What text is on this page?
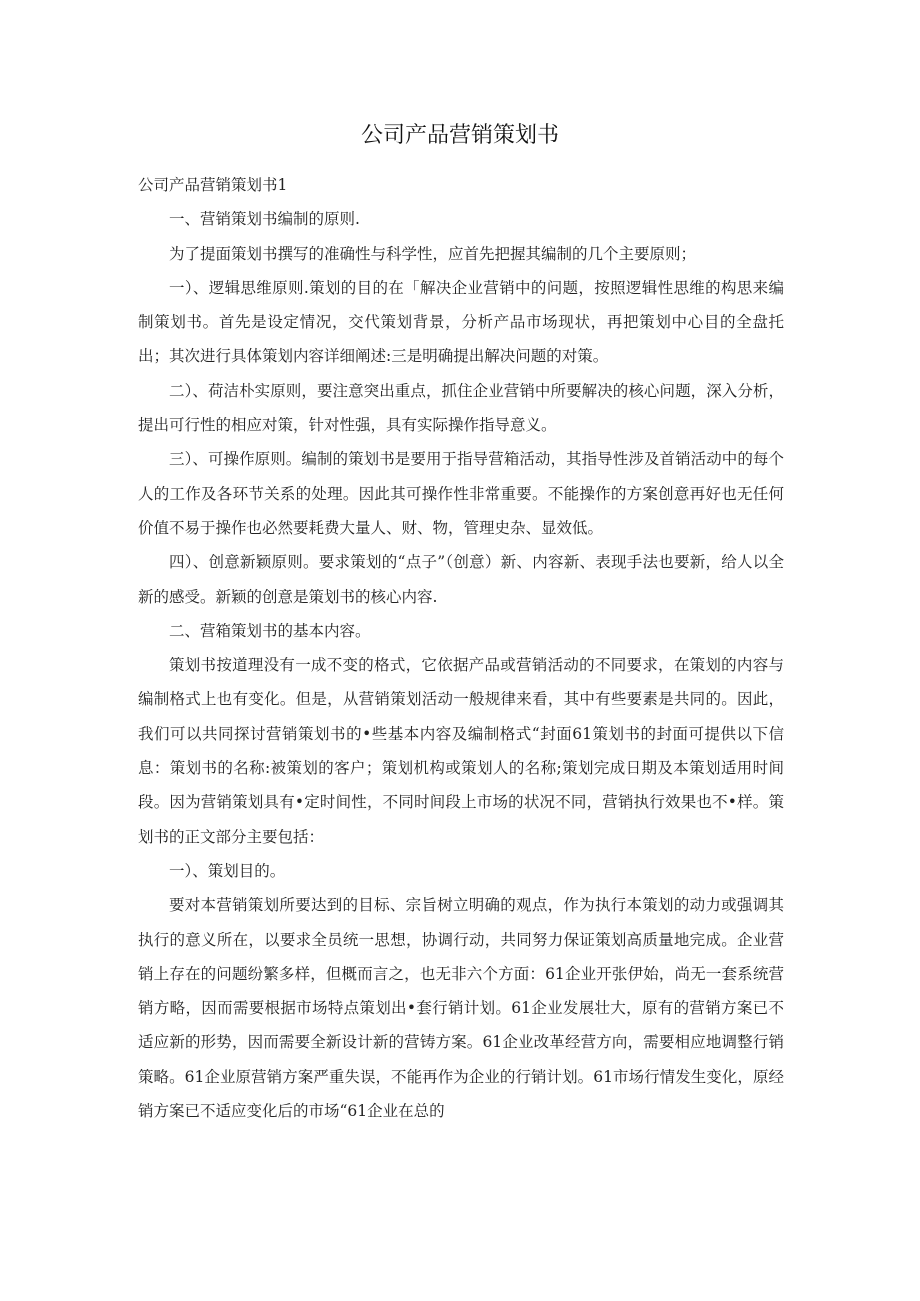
公司产品营销策划书

公司产品营销策划书1

一、营销策划书编制的原则.

为了提面策划书撰写的准确性与科学性，应首先把握其编制的几个主要原则；

一）、逻辑思维原则.策划的目的在「解决企业营销中的问题，按照逻辑性思维的构思来编制策划书。首先是设定情况，交代策划背景，分析产品市场现状，再把策划中心目的全盘托出；其次进行具体策划内容详细阐述:三是明确提出解决问题的对策。

二）、荷洁朴实原则，要注意突出重点，抓住企业营销中所要解决的核心问题，深入分析，提出可行性的相应对策，针对性强，具有实际操作指导意义。

三）、可操作原则。编制的策划书是要用于指导营箱活动，其指导性涉及首销活动中的每个人的工作及各环节关系的处理。因此其可操作性非常重要。不能操作的方案创意再好也无任何价值不易于操作也必然要耗费大量人、财、物，管理史杂、显效低。

四）、创意新颖原则。要求策划的“点子”（创意）新、内容新、表现手法也要新，给人以全新的感受。新颖的创意是策划书的核心内容.

二、营箱策划书的基本内容。

策划书按道理没有一成不变的格式，它依据产品或营销活动的不同要求，在策划的内容与编制格式上也有变化。但是，从营销策划活动一般规律来看，其中有些要素是共同的。因此，我们可以共同探讨营销策划书的•些基本内容及编制格式“封面61策划书的封面可提供以下信息：策划书的名称:被策划的客户；策划机构或策划人的名称;策划完成日期及本策划适用时间段。因为营销策划具有•定时间性，不同时间段上市场的状况不同，营销执行效果也不•样。策划书的正文部分主要包括：

一）、策划目的。

要对本营销策划所要达到的目标、宗旨树立明确的观点，作为执行本策划的动力或强调其执行的意义所在，以要求全员统一思想，协调行动，共同努力保证策划高质量地完成。企业营销上存在的问题纷繁多样，但概而言之，也无非六个方面：61企业开张伊始，尚无一套系统营销方略，因而需要根据市场特点策划出•套行销计划。61企业发展壮大，原有的营销方案已不适应新的形势，因而需要全新设计新的营铸方案。61企业改革经营方向，需要相应地调整行销策略。61企业原营销方案严重失误，不能再作为企业的行销计划。61市场行情发生变化，原经销方案已不适应变化后的市场“61企业在总的
